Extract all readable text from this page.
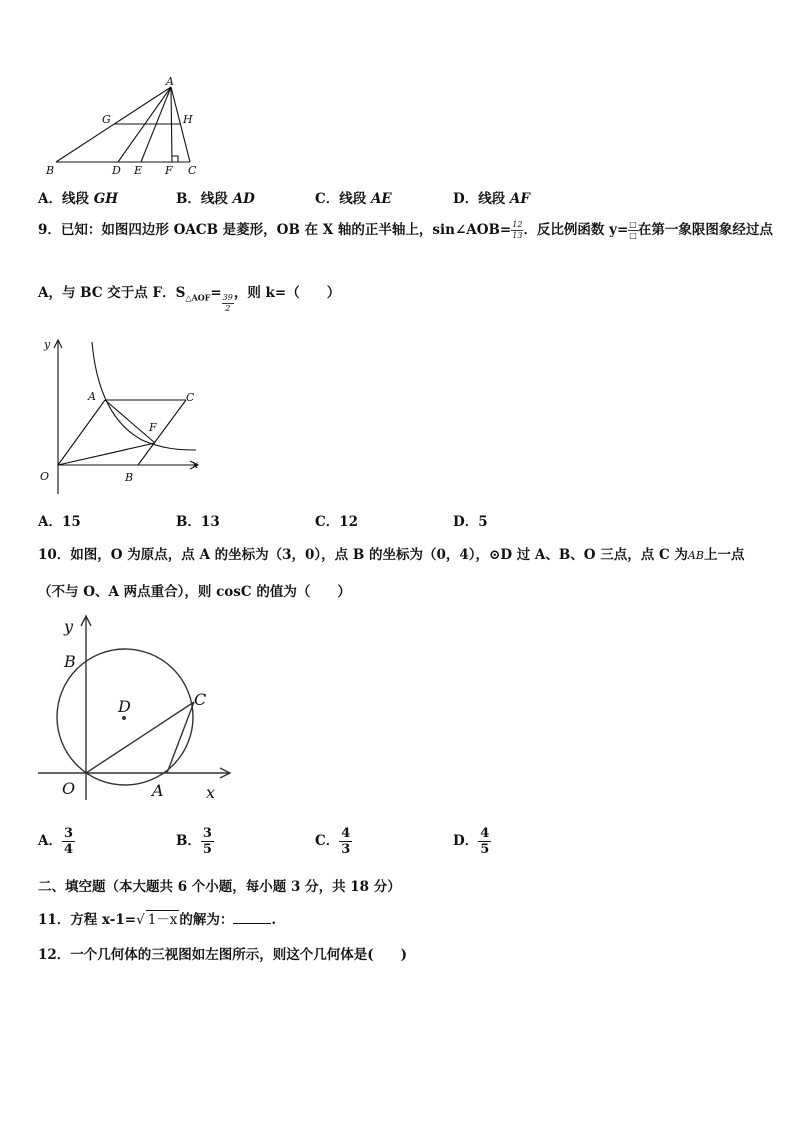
A
G	H
B	D E F C
A．线段 GH	B．线段 AD	C．线段 AE	D．线段 AF
9．已知：如图四边形 OACB 是菱形，OB 在 X 轴的正半轴上，sin∠AOB= $\frac{12}{13}$ ．反比例函数 $y= \frac{□}{□}$ 在第一象限图象经过点
A，与 BC 交于点 F．$S_{\triangle AOF}= \frac{39}{2}$ ，则 k=（　　）
y
A	C
F
O	B
x
A．15	B．13	C．12	D．5
10．如图，O 为原点，点 A 的坐标为（3，0），点 B 的坐标为（0，4），⊙D 过 A、B、O 三点，点 C 为AB上一点
（不与 O、A 两点重合），则 cosC 的值为（　　）
y
B
D	C
O	A	x
A． $\frac{3}{4}$	B． $\frac{3}{5}$	C． $\frac{4}{3}$	D． $\frac{4}{5}$
二、填空题（本大题共 6 个小题，每小题 3 分，共 18 分）
11．方程 x-1=√ 1－x 的解为：	.
12．一个几何体的三视图如左图所示，则这个几何体是(　　)
